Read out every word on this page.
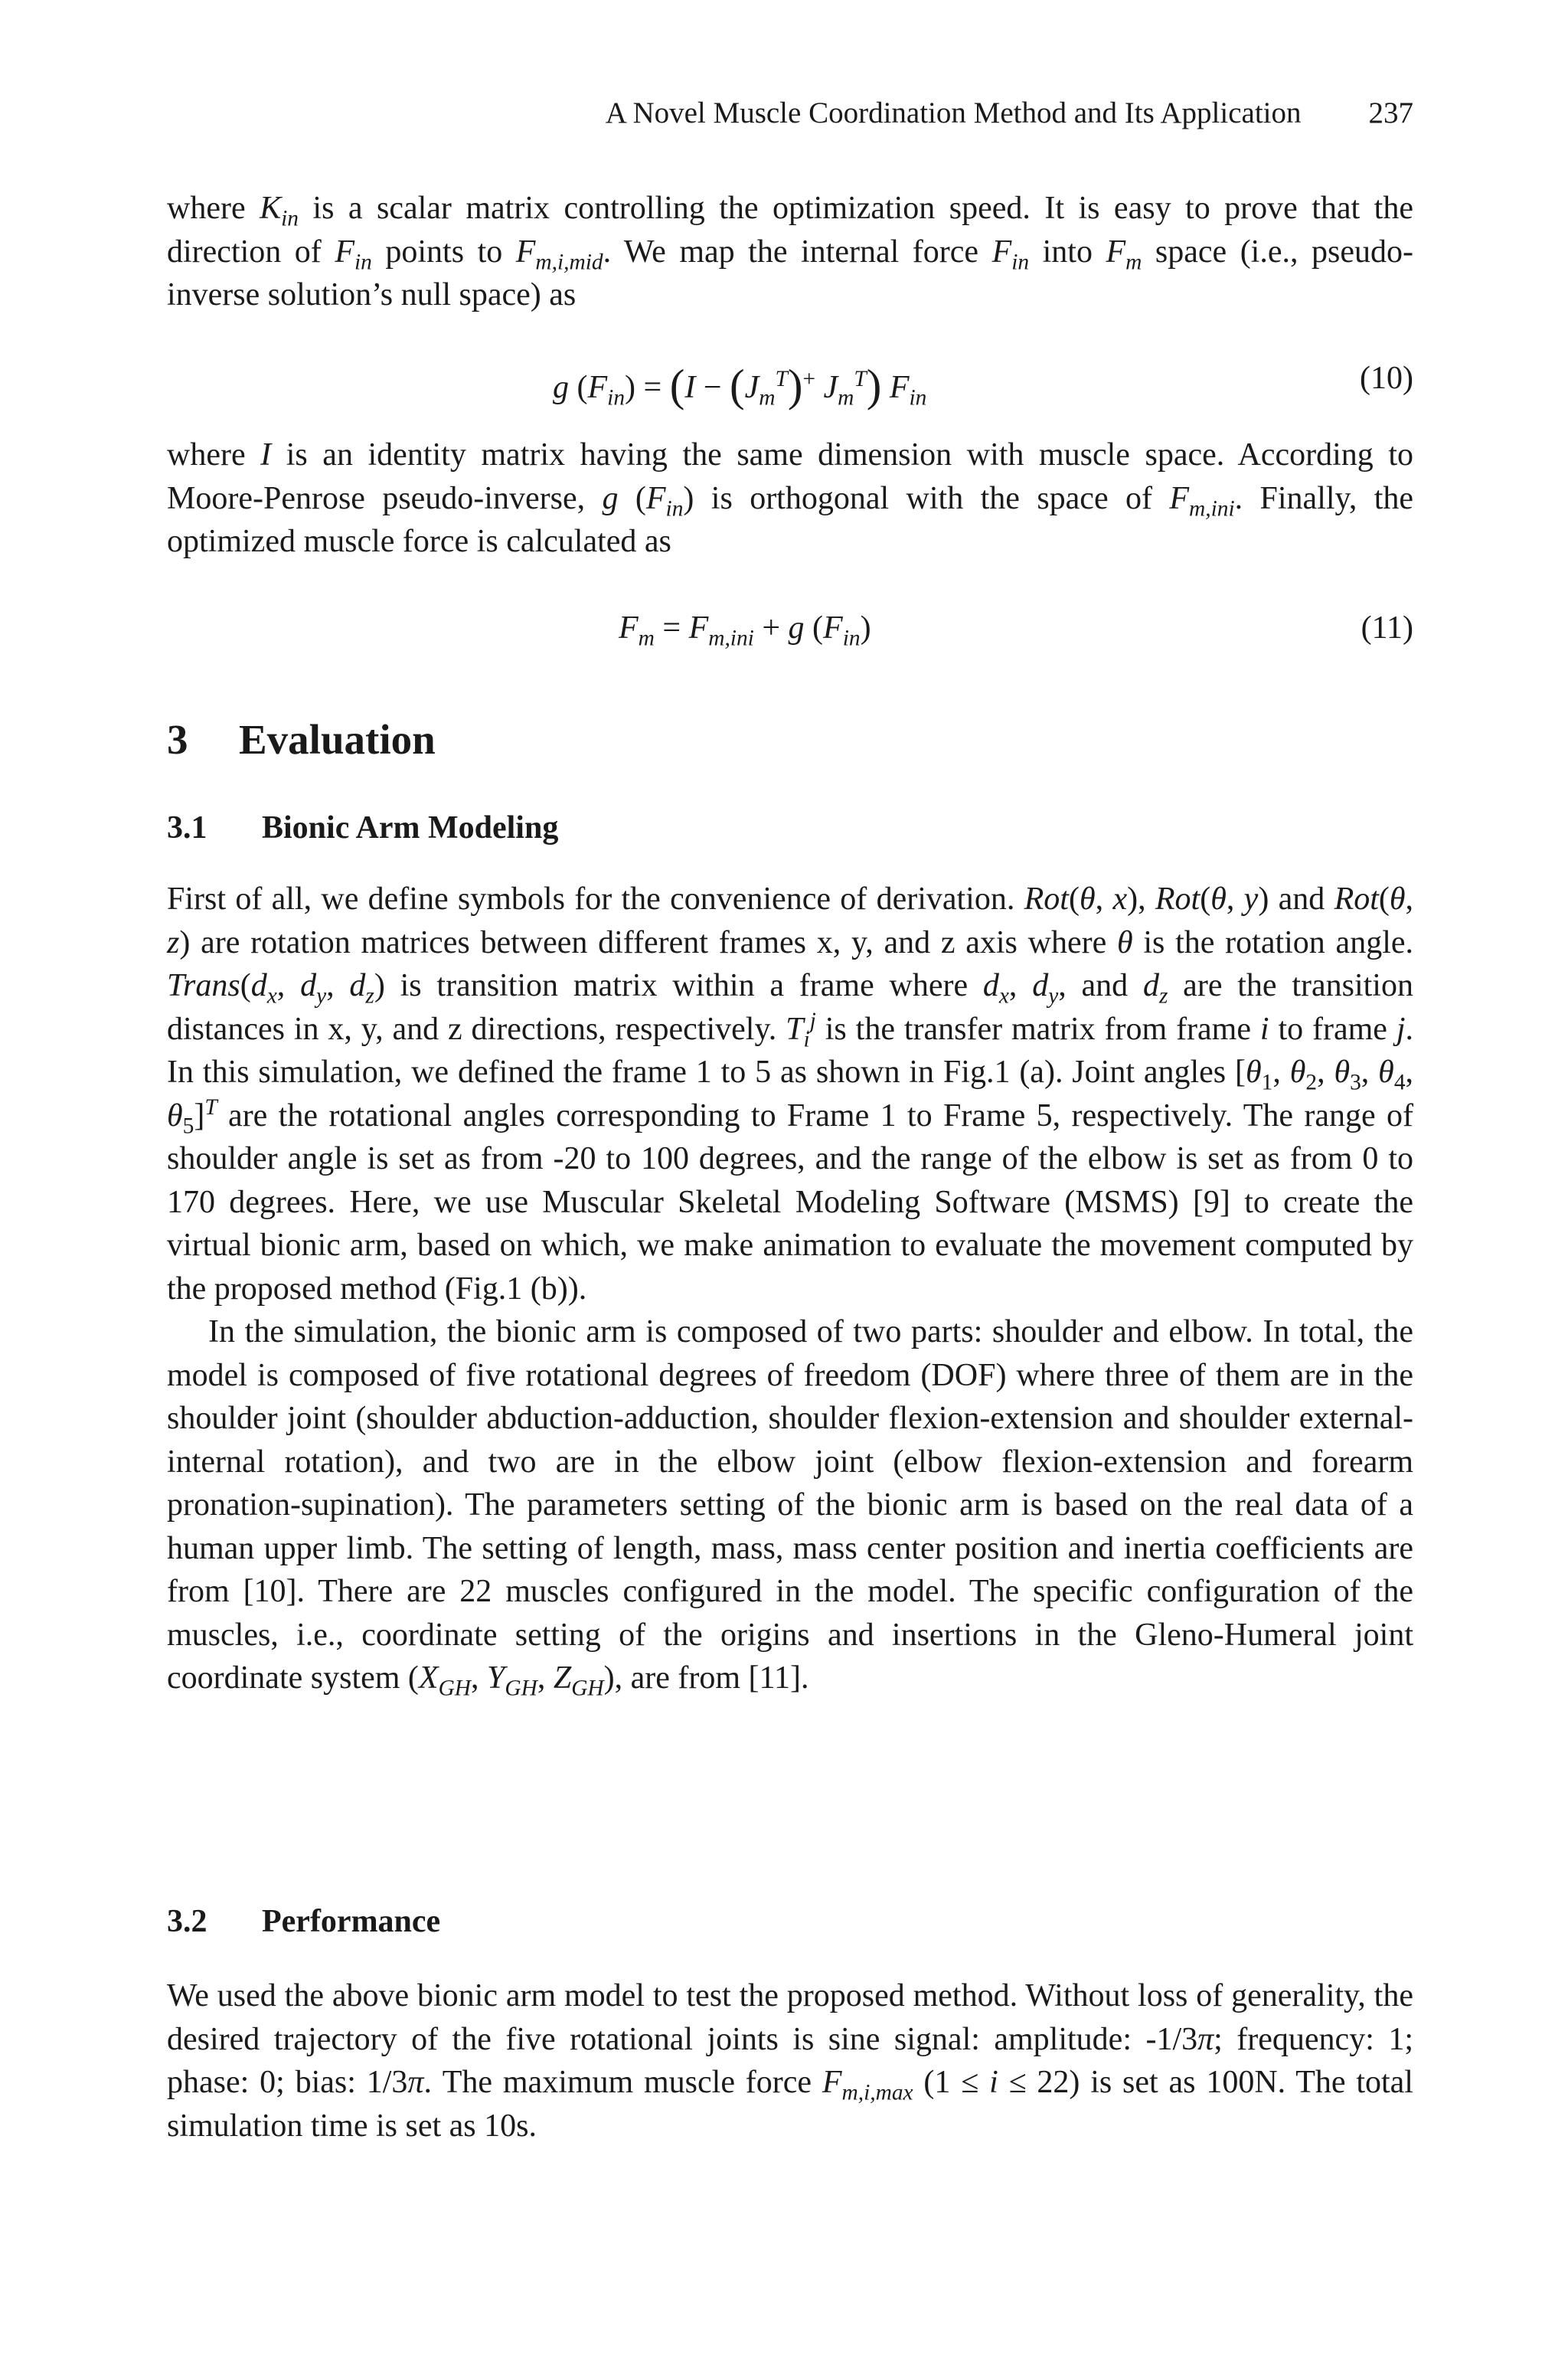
A Novel Muscle Coordination Method and Its Application 237

where $K_{in}$ is a scalar matrix controlling the optimization speed. It is easy to prove that the direction of $F_{in}$ points to $F_{m,i,mid}$. We map the internal force $F_{in}$ into $F_m$ space (i.e., pseudo-inverse solution’s null space) as

g $(F_{in}) = (I - (J_m^T)^+$ $J_m^T$) $F_{in}$
(10)

where I is an identity matrix having the same dimension with muscle space. According to Moore-Penrose pseudo-inverse, g $(F_{in})$ is orthogonal with the space of $F_{m,ini}$. Finally, the optimized muscle force is calculated as

$F_m = F_{m,ini} + g$ $(F_{in})$	(11)
3 Evaluation
3.1 Bionic Arm Modeling

First of all, we define symbols for the convenience of derivation. Rot(θ, x), Rot(θ, y) and Rot(θ, z) are rotation matrices between different frames x, y, and z axis where θ is the rotation angle. $Trans(d_x$, $d_y$, $d_z$) is transition matrix within a frame where $d_x$, $d_y$, and $d_z$ are the transition distances in x, y, and z directions, respectively. $T_i^j$ is the transfer matrix from frame i to frame j. In this simulation, we defined the frame 1 to 5 as shown in Fig.1 (a). Joint angles [$\theta_1$, $\theta_2$, $\theta_3$, $\theta_4$, $\theta_5]^T$ are the rotational angles corresponding to Frame 1 to Frame 5, respectively. The range of shoulder angle is set as from -20 to 100 degrees, and the range of the elbow is set as from 0 to 170 degrees. Here, we use Muscular Skeletal Modeling Software (MSMS) [9] to create the virtual bionic arm, based on which, we make animation to evaluate the movement computed by the proposed method (Fig.1 (b)).

In the simulation, the bionic arm is composed of two parts: shoulder and elbow. In total, the model is composed of five rotational degrees of freedom (DOF) where three of them are in the shoulder joint (shoulder abduction-adduction, shoulder flexion-extension and shoulder external-internal rotation), and two are in the elbow joint (elbow flexion-extension and forearm pronation-supination). The parameters setting of the bionic arm is based on the real data of a human upper limb. The setting of length, mass, mass center position and inertia coefficients are from [10]. There are 22 muscles configured in the model. The specific configuration of the muscles, i.e., coordinate setting of the origins and insertions in the Gleno-Humeral joint coordinate system ($X_{GH}$, $Y_{GH}$, $Z_{GH}$), are from [11].

3.2 Performance

We used the above bionic arm model to test the proposed method. Without loss of generality, the desired trajectory of the five rotational joints is sine signal: amplitude: -1/3π; frequency: 1; phase: 0; bias: 1/3π. The maximum muscle force $F_{m,i,max}$ (1 ≤ i ≤ 22) is set as 100N. The total simulation time is set as 10s.
